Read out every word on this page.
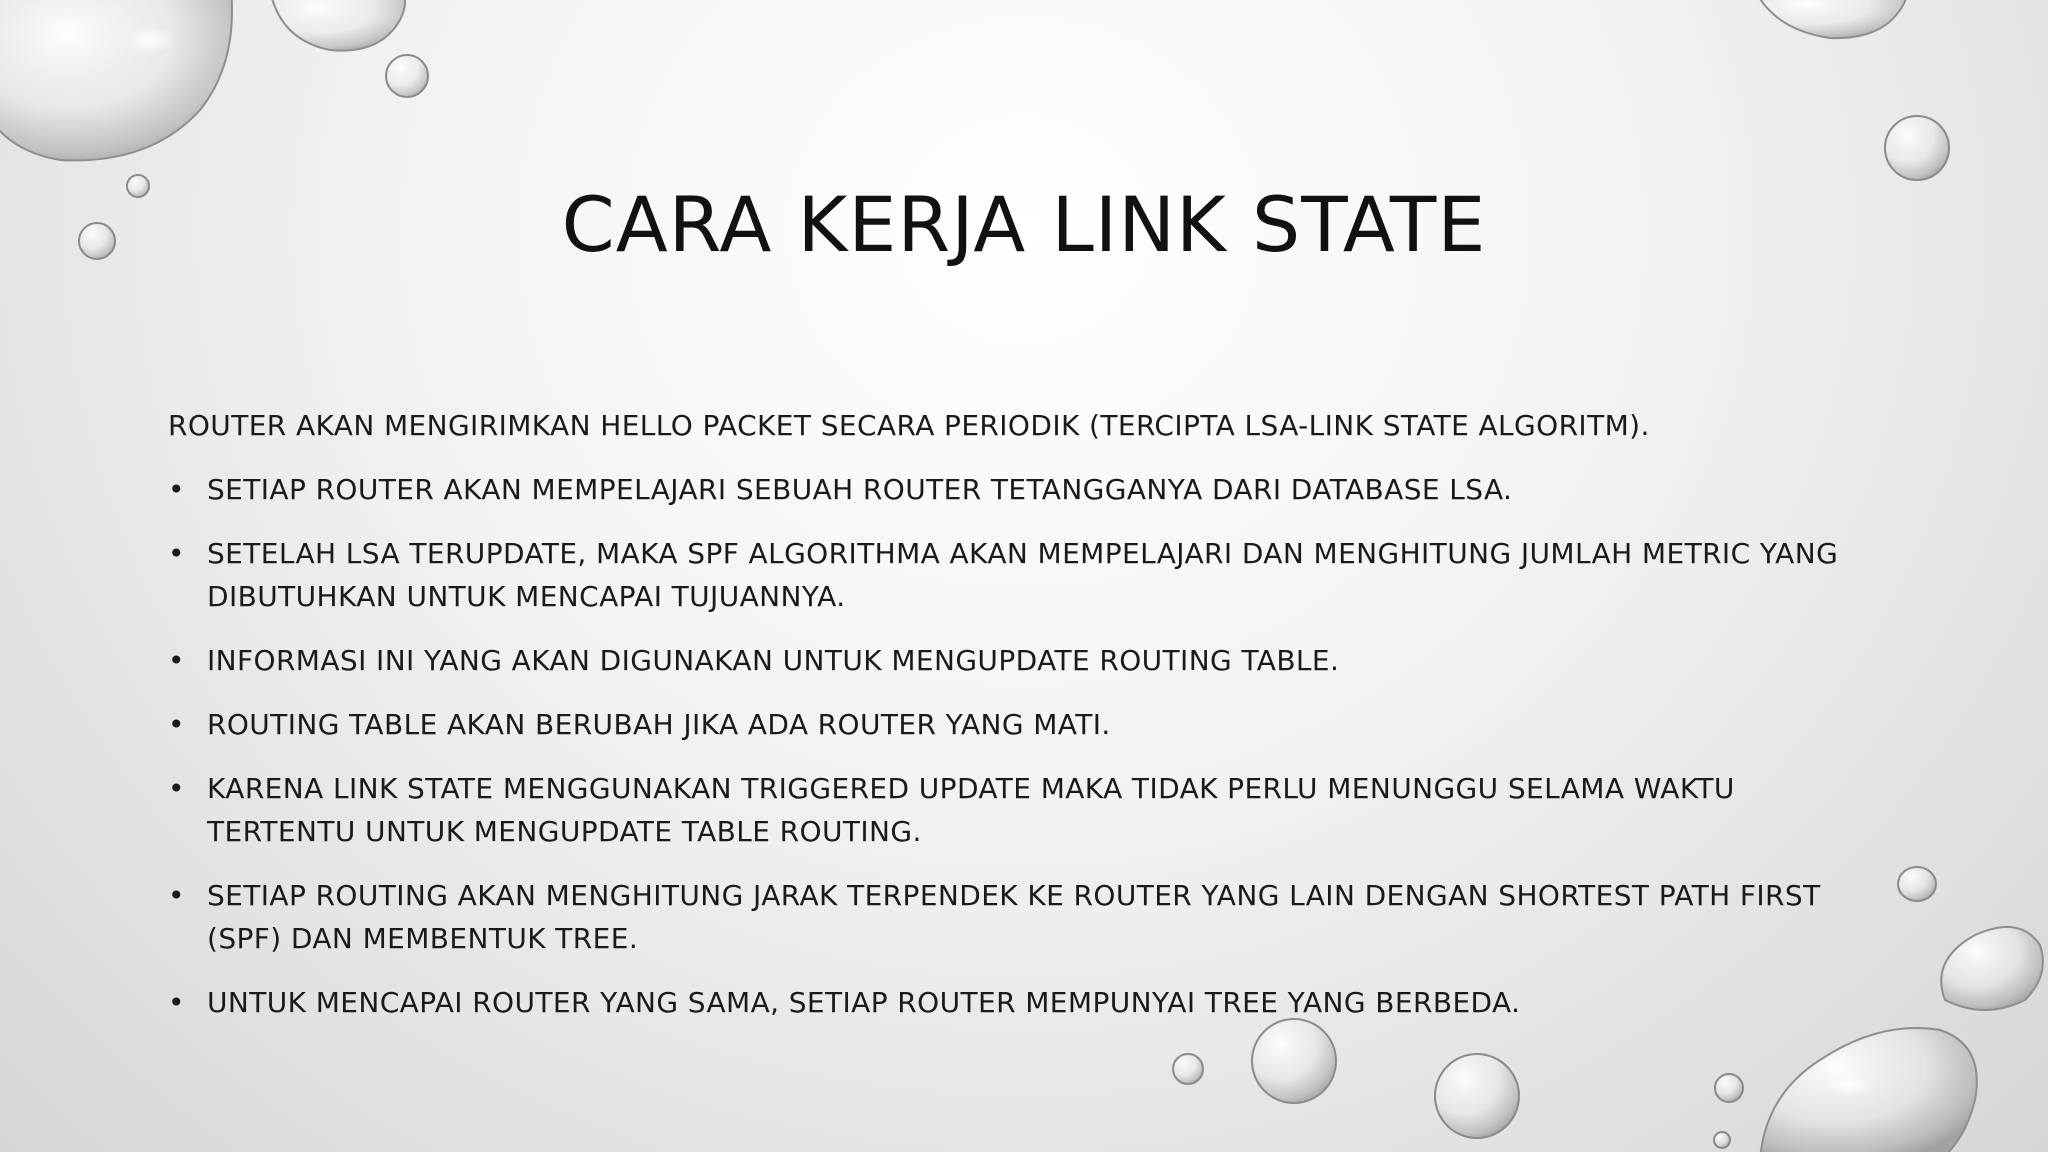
CARA KERJA LINK STATE

ROUTER AKAN MENGIRIMKAN HELLO PACKET SECARA PERIODIK (TERCIPTA LSA-LINK STATE ALGORITM).

• SETIAP ROUTER AKAN MEMPELAJARI SEBUAH ROUTER TETANGGANYA DARI DATABASE LSA.
• SETELAH LSA TERUPDATE, MAKA SPF ALGORITHMA AKAN MEMPELAJARI DAN MENGHITUNG JUMLAH METRIC YANG DIBUTUHKAN UNTUK MENCAPAI TUJUANNYA.
• INFORMASI INI YANG AKAN DIGUNAKAN UNTUK MENGUPDATE ROUTING TABLE.
• ROUTING TABLE AKAN BERUBAH JIKA ADA ROUTER YANG MATI.
• KARENA LINK STATE MENGGUNAKAN TRIGGERED UPDATE MAKA TIDAK PERLU MENUNGGU SELAMA WAKTU TERTENTU UNTUK MENGUPDATE TABLE ROUTING.
• SETIAP ROUTING AKAN MENGHITUNG JARAK TERPENDEK KE ROUTER YANG LAIN DENGAN SHORTEST PATH FIRST (SPF) DAN MEMBENTUK TREE.
• UNTUK MENCAPAI ROUTER YANG SAMA, SETIAP ROUTER MEMPUNYAI TREE YANG BERBEDA.
